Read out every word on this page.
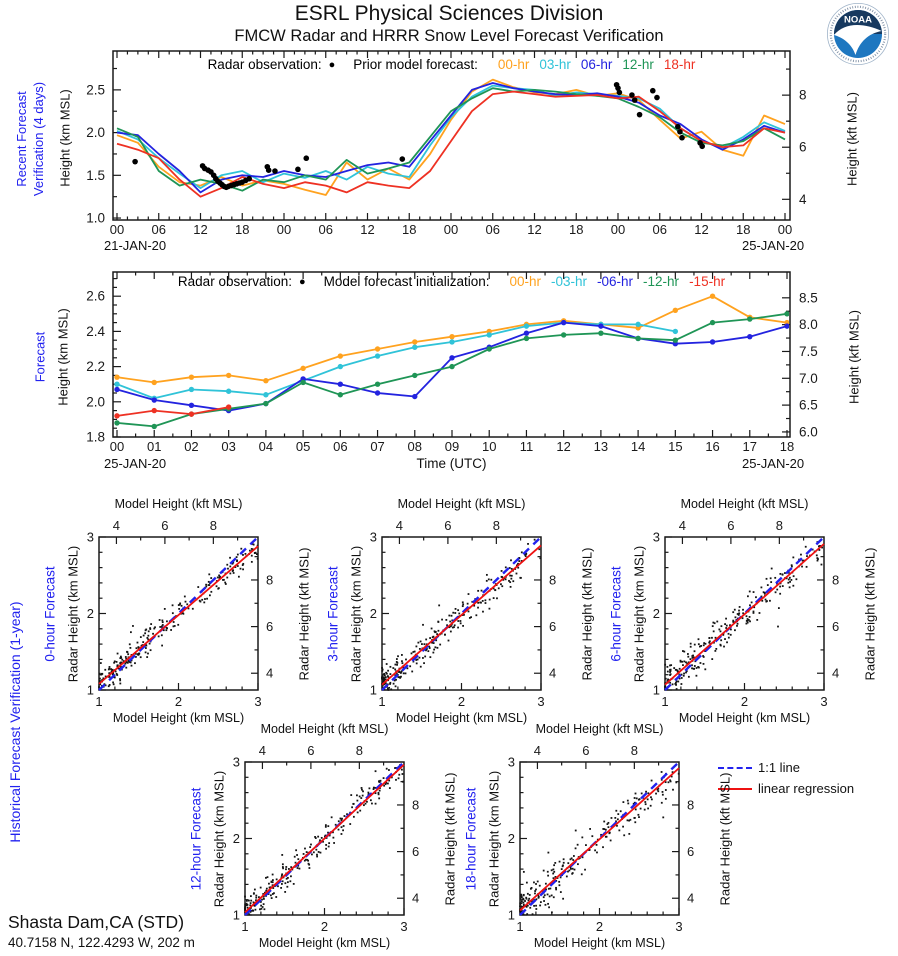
ESRL Physical Sciences Division
FMCW Radar and HRRR Snow Level Forecast Verification
NOAA
Recent Forecast Verification (4 days) Height (km MSL)	Height (kft MSL)
Forecast Height (km MSL)	Height (kft MSL)
Historical Forecast Verification (1-year)
Radar observation: ● Prior model forecast: 00-hr 03-hr 06-hr 12-hr 18-hr
Radar observation: ● Model forecast initialization: 00-hr -03-hr -06-hr -12-hr -15-hr
21-JAN-20	25-JAN-20
25-JAN-20	25-JAN-20
Time (UTC)
1:1 line
linear regression
Shasta Dam,CA (STD)
40.7158 N, 122.4293 W, 202 m
00 06 12 18 00 06 12 18 00 06 12 18 00 06 12 18 00
1.0
1.5
2.0
2.5
4
6
8
00 01 02 03 04 05 06 07 08 09 10 11 12 13 14 15 16 17 18
1.8
2.0
2.2
2.4
2.6
6.0
6.5
7.0
7.5
8.0
8.5
1
1
2
2
3
3
4
4
6
6
8
8
1
1
2
2
3
3
4
4
6
6
8
8
1
1
2
2
3
3
4
4
6
6
8
8
1
1
2
2
3
3
4
4
6
6
8
8
1
1
2
2
3
3
4
4
6
6
8
8
0-hour Forecast Radar Height (km MSL)	Radar Height (kft MSL)
Model Height (kft MSL)
Model Height (km MSL)
3-hour Forecast Radar Height (km MSL)	Radar Height (kft MSL)
Model Height (kft MSL)
Model Height (km MSL)
6-hour Forecast Radar Height (km MSL)	Radar Height (kft MSL)
Model Height (kft MSL)
Model Height (km MSL)
12-hour Forecast Radar Height (km MSL)	Radar Height (kft MSL)
Model Height (kft MSL)
Model Height (km MSL)
18-hour Forecast Radar Height (km MSL)	Radar Height (kft MSL)
Model Height (kft MSL)
Model Height (km MSL)
